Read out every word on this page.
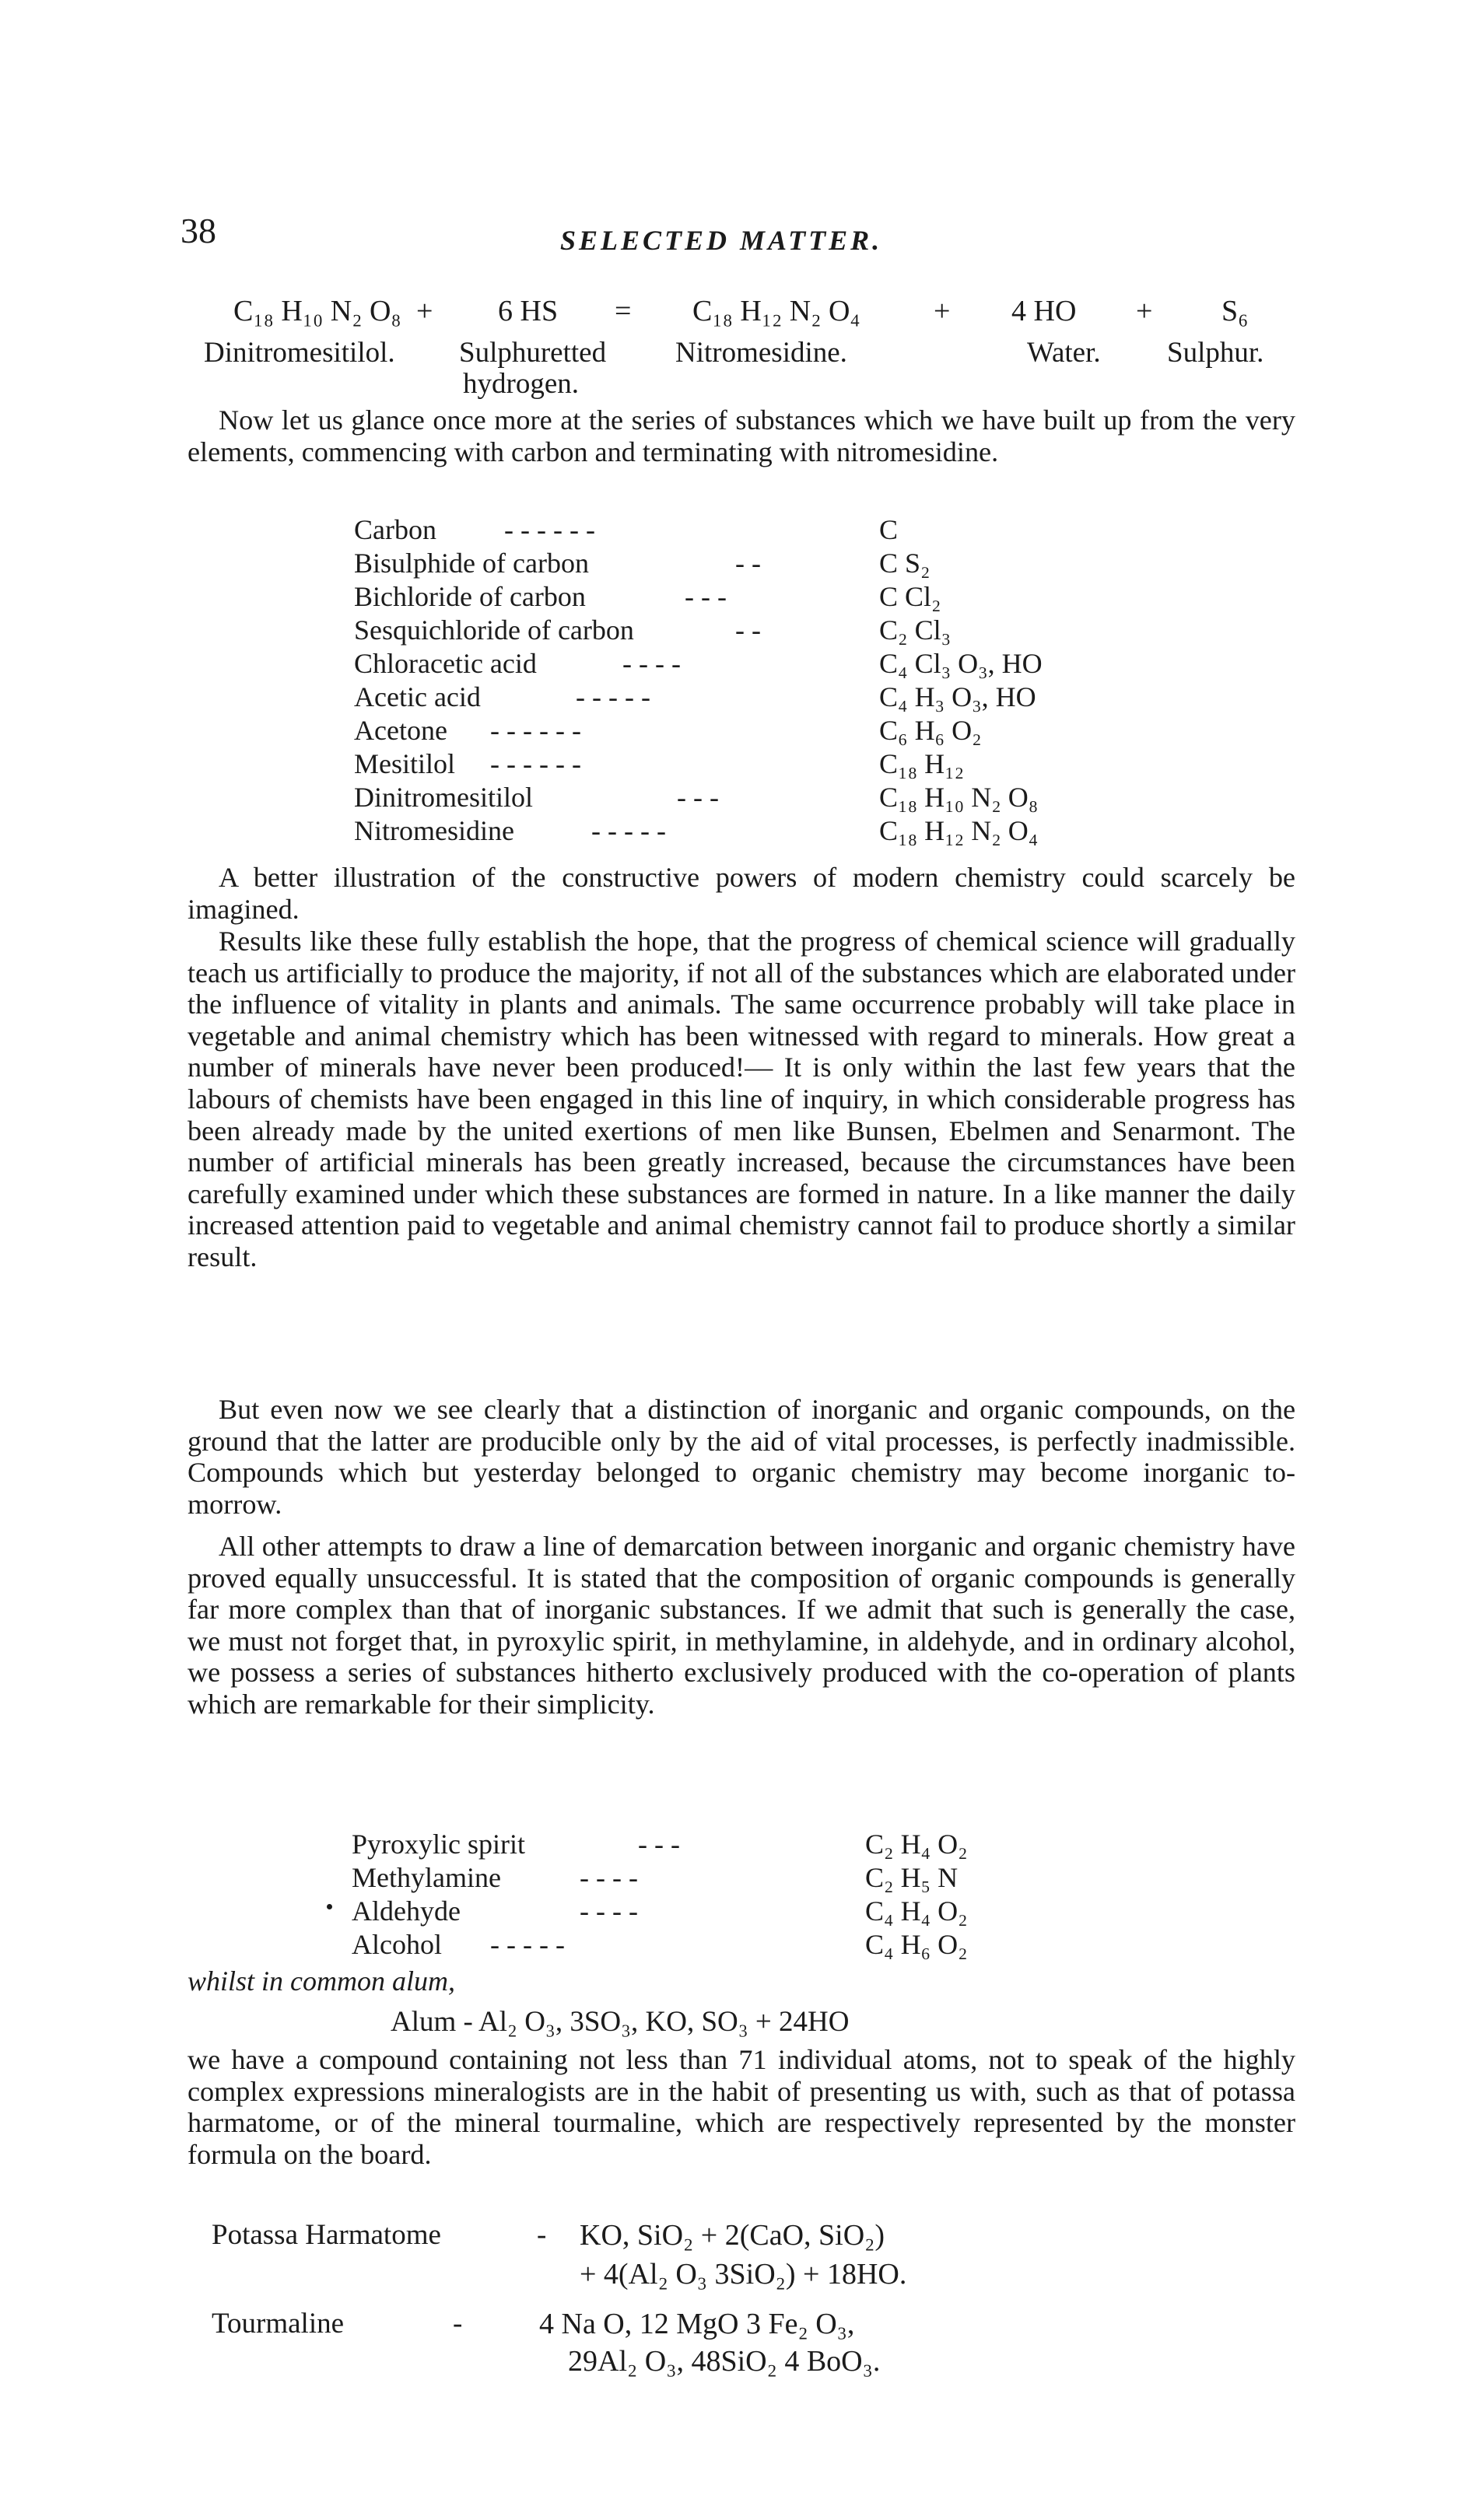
38	SELECTED MATTER.
C₁₈ H₁₀ N₂ O₈ + 6 HS = C₁₈ H₁₂ N₂ O₄ + 4 HO + S₆
Dinitromesitilol. Sulphuretted
hydrogen.
Nitromesidine.	Water. Sulphur.

Now let us glance once more at the series of substances which we have built up from the very elements, commencing with carbon and terminating with nitromesidine.

Carbon - - - - - -	C
Bisulphide of carbon	- -	C S₂
Bichloride of carbon	- - -	C Cl₂
Sesquichloride of carbon	- -	C₂ Cl₃
Chloracetic acid	- - - -	C₄ Cl₃ O₃, HO
Acetic acid	- - - - -	C₄ H₃ O₃, HO
Acetone - - - - - -	C₆ H₆ O₂
Mesitilol - - - - - -	C₁₈ H₁₂
Dinitromesitilol	- - -	C₁₈ H₁₀ N₂ O₈
Nitromesidine	- - - - -	C₁₈ H₁₂ N₂ O₄

A better illustration of the constructive powers of modern chemistry could scarcely be imagined.

Results like these fully establish the hope, that the progress of chemical science will gradually teach us artificially to produce the majority, if not all of the substances which are elaborated under the influence of vitality in plants and animals. The same occurrence probably will take place in vegetable and animal chemistry which has been witnessed with regard to minerals. How great a number of minerals have never been produced!— It is only within the last few years that the labours of chemists have been engaged in this line of inquiry, in which considerable progress has been already made by the united exertions of men like Bunsen, Ebelmen and Senarmont. The number of artificial minerals has been greatly increased, because the circumstances have been carefully examined under which these substances are formed in nature. In a like manner the daily increased attention paid to vegetable and animal chemistry cannot fail to produce shortly a similar result.

But even now we see clearly that a distinction of inorganic and organic compounds, on the ground that the latter are producible only by the aid of vital processes, is perfectly inadmissible. Compounds which but yesterday belonged to organic chemistry may become inorganic to-morrow.

All other attempts to draw a line of demarcation between inorganic and organic chemistry have proved equally unsuccessful. It is stated that the composition of organic compounds is generally far more complex than that of inorganic substances. If we admit that such is generally the case, we must not forget that, in pyroxylic spirit, in methylamine, in aldehyde, and in ordinary alcohol, we possess a series of substances hitherto exclusively produced with the co-operation of plants which are remarkable for their simplicity.

Pyroxylic spirit	- - -	C₂ H₄ O₂
Methylamine	- - - -	C₂ H₅ N
Aldehyde	- - - -	C₄ H₄ O₂
Alcohol - - - - -	C₄ H₆ O₂
whilst in common alum,
Alum - Al₂ O₃, 3SO₃, KO, SO₃ + 24HO

we have a compound containing not less than 71 individual atoms, not to speak of the highly complex expressions mineralogists are in the habit of presenting us with, such as that of potassa harmatome, or of the mineral tourmaline, which are respectively represented by the monster formula on the board.

Potassa Harmatome	- KO, SiO₂ + 2(CaO, SiO₂)
+ 4(Al₂ O₃ 3SiO₂) + 18HO.
Tourmaline	-	4 Na O, 12 MgO 3 Fe₂ O₃,
29Al₂ O₃, 48SiO₂ 4 BoO₃.
